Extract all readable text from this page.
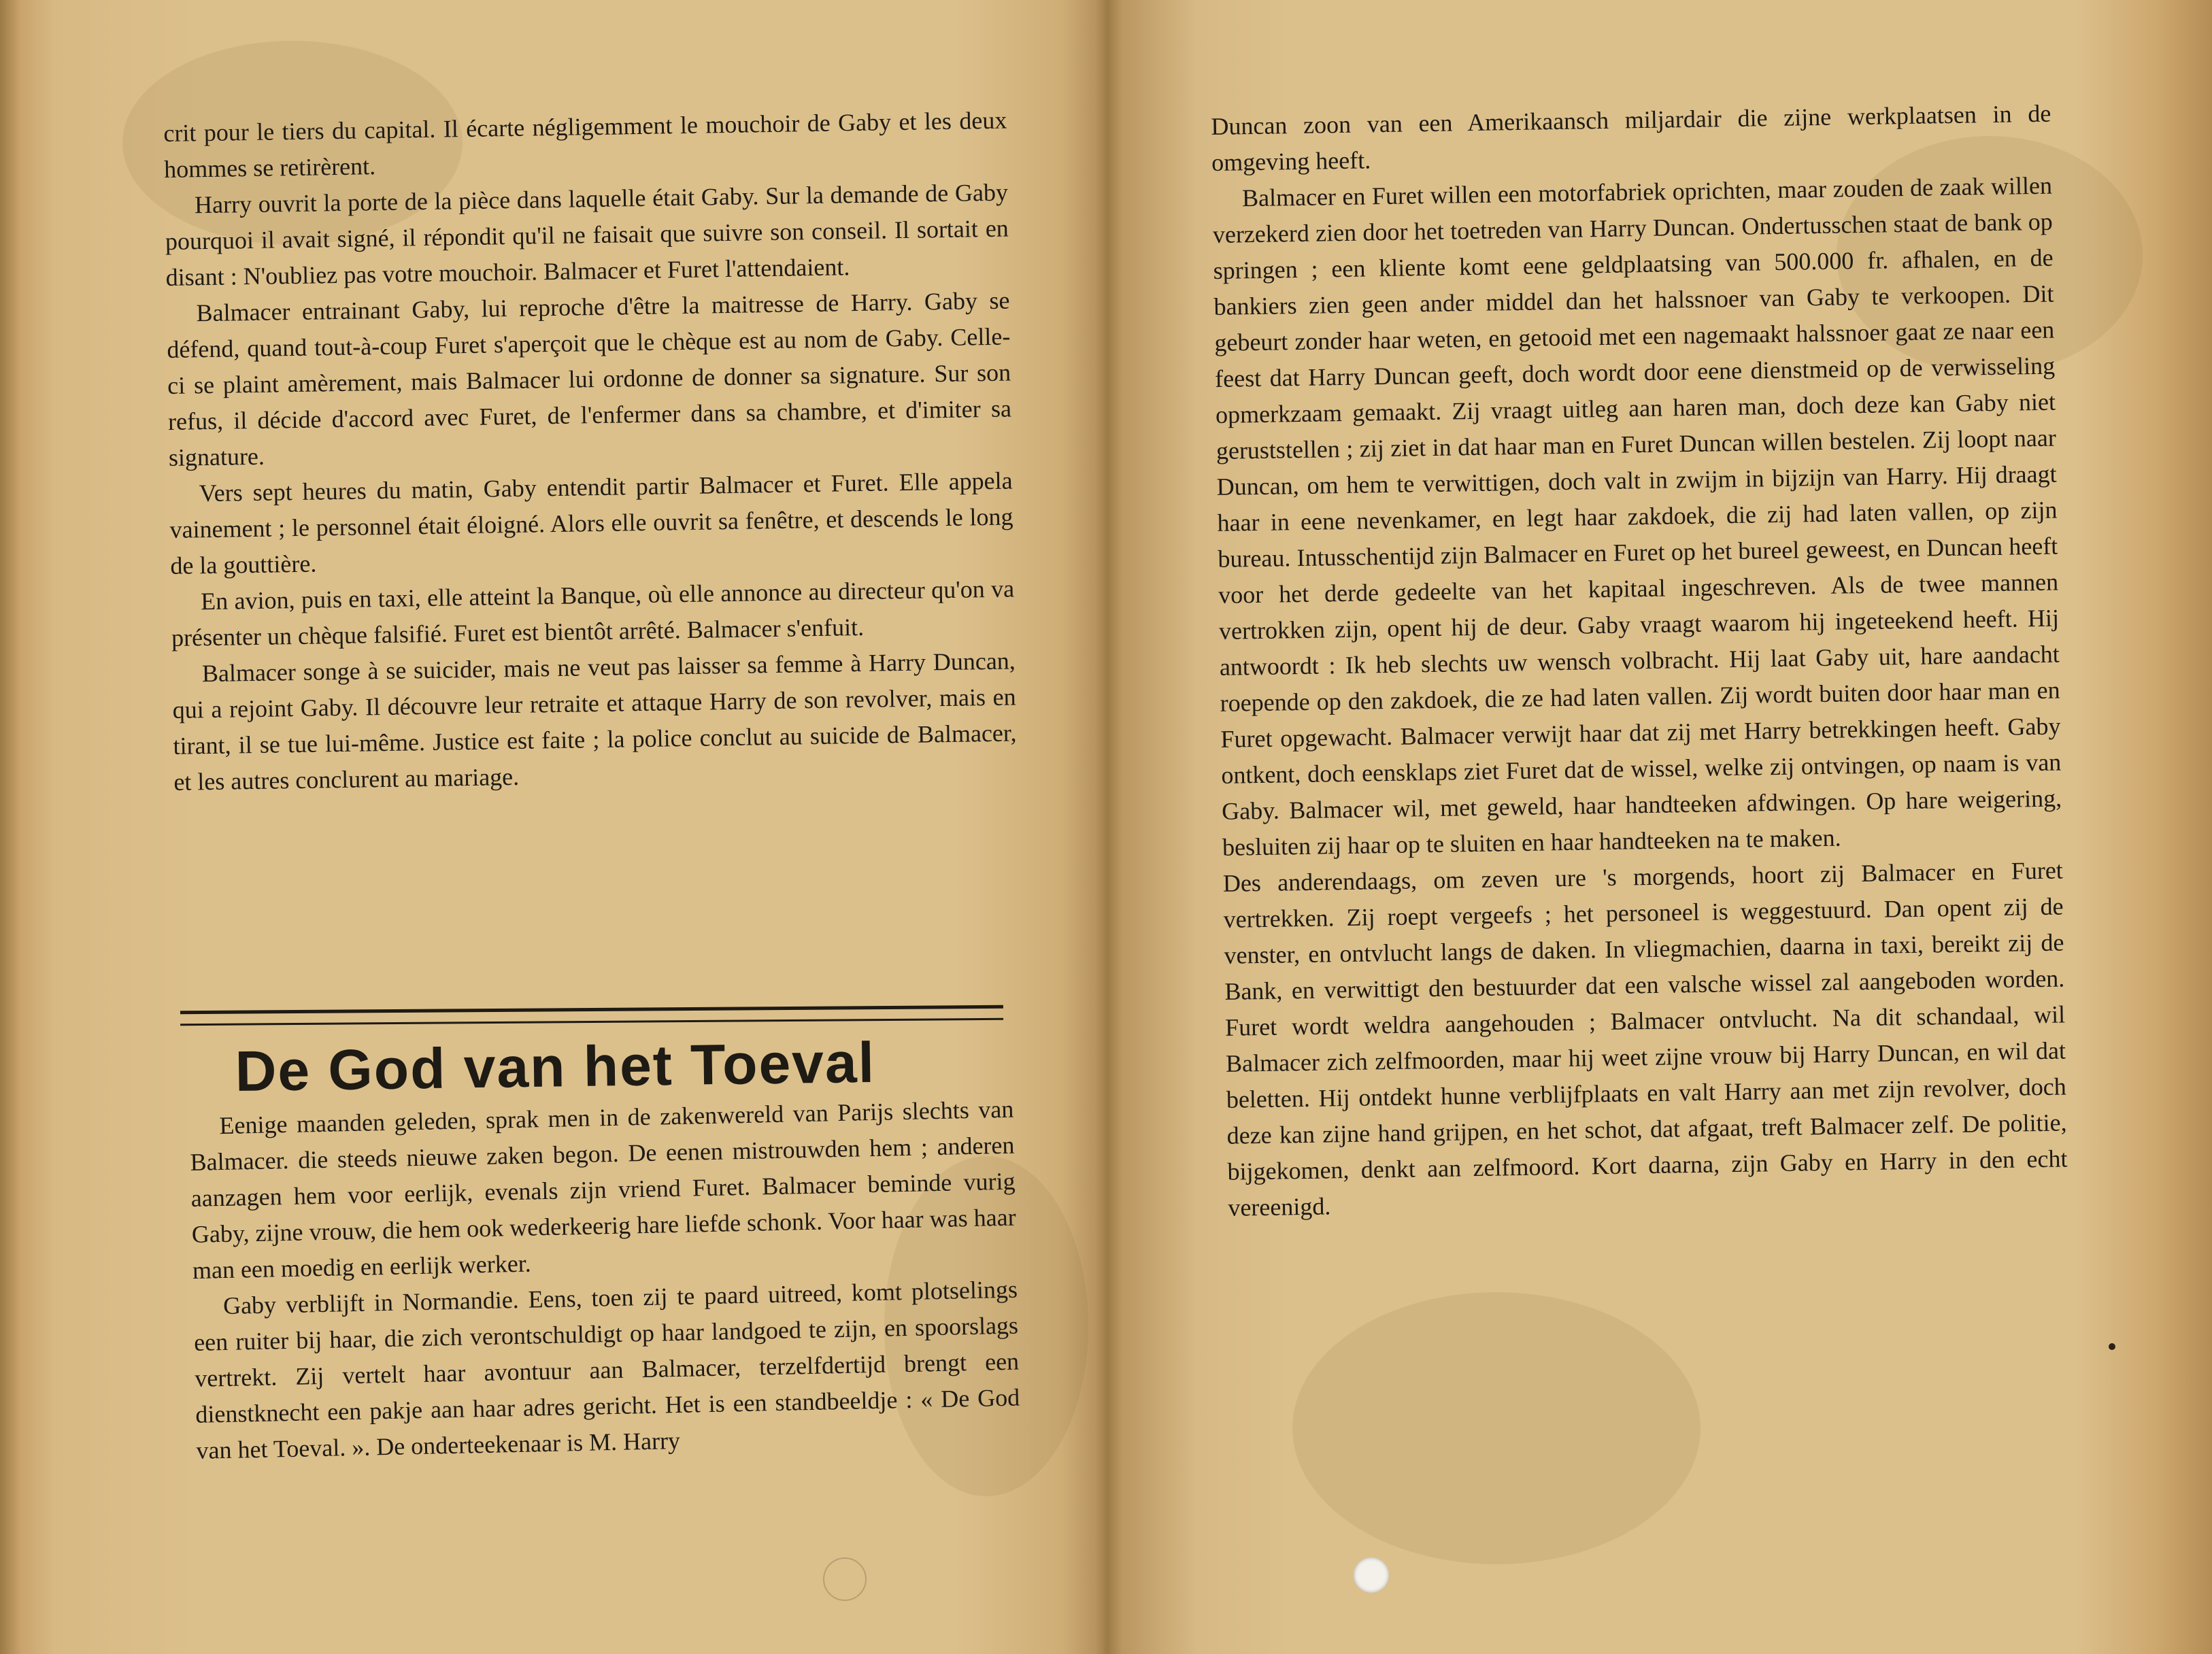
crit pour le tiers du capital. Il écarte négligemment le mouchoir de Gaby et les deux hommes se retirèrent.

Harry ouvrit la porte de la pièce dans laquelle était Gaby. Sur la demande de Gaby pourquoi il avait signé, il répondit qu'il ne faisait que suivre son conseil. Il sortait en disant : N'oubliez pas votre mouchoir. Balmacer et Furet l'attendaient.

Balmacer entrainant Gaby, lui reproche d'être la maitresse de Harry. Gaby se défend, quand tout-à-coup Furet s'aperçoit que le chèque est au nom de Gaby. Celle-ci se plaint amèrement, mais Balmacer lui ordonne de donner sa signature. Sur son refus, il décide d'accord avec Furet, de l'enfermer dans sa chambre, et d'imiter sa signature.

Vers sept heures du matin, Gaby entendit partir Balmacer et Furet. Elle appela vainement ; le personnel était éloigné. Alors elle ouvrit sa fenêtre, et descends le long de la gouttière.

En avion, puis en taxi, elle atteint la Banque, où elle annonce au directeur qu'on va présenter un chèque falsifié. Furet est bientôt arrêté. Balmacer s'enfuit.

Balmacer songe à se suicider, mais ne veut pas laisser sa femme à Harry Duncan, qui a rejoint Gaby. Il découvre leur retraite et attaque Harry de son revolver, mais en tirant, il se tue lui-même. Justice est faite ; la police conclut au suicide de Balmacer, et les autres conclurent au mariage.

De God van het Toeval

Eenige maanden geleden, sprak men in de zakenwereld van Parijs slechts van Balmacer. die steeds nieuwe zaken begon. De eenen mistrouwden hem ; anderen aanzagen hem voor eerlijk, evenals zijn vriend Furet. Balmacer beminde vurig Gaby, zijne vrouw, die hem ook wederkeerig hare liefde schonk. Voor haar was haar man een moedig en eerlijk werker.

Gaby verblijft in Normandie. Eens, toen zij te paard uitreed, komt plotselings een ruiter bij haar, die zich verontschuldigt op haar landgoed te zijn, en spoorslags vertrekt. Zij vertelt haar avontuur aan Balmacer, terzelfdertijd brengt een dienstknecht een pakje aan haar adres gericht. Het is een standbeeldje : « De God van het Toeval. ». De onderteekenaar is M. Harry

Duncan zoon van een Amerikaansch miljardair die zijne werkplaatsen in de omgeving heeft.

Balmacer en Furet willen een motorfabriek oprichten, maar zouden de zaak willen verzekerd zien door het toetreden van Harry Duncan. Ondertusschen staat de bank op springen ; een kliente komt eene geldplaatsing van 500.000 fr. afhalen, en de bankiers zien geen ander middel dan het halssnoer van Gaby te verkoopen. Dit gebeurt zonder haar weten, en getooid met een nagemaakt halssnoer gaat ze naar een feest dat Harry Duncan geeft, doch wordt door eene dienstmeid op de verwisseling opmerkzaam gemaakt. Zij vraagt uitleg aan haren man, doch deze kan Gaby niet geruststellen ; zij ziet in dat haar man en Furet Duncan willen bestelen. Zij loopt naar Duncan, om hem te verwittigen, doch valt in zwijm in bijzijn van Harry. Hij draagt haar in eene nevenkamer, en legt haar zakdoek, die zij had laten vallen, op zijn bureau. Intusschentijd zijn Balmacer en Furet op het bureel geweest, en Duncan heeft voor het derde gedeelte van het kapitaal ingeschreven. Als de twee mannen vertrokken zijn, opent hij de deur. Gaby vraagt waarom hij ingeteekend heeft. Hij antwoordt : Ik heb slechts uw wensch volbracht. Hij laat Gaby uit, hare aandacht roepende op den zakdoek, die ze had laten vallen. Zij wordt buiten door haar man en Furet opgewacht. Balmacer verwijt haar dat zij met Harry betrekkingen heeft. Gaby ontkent, doch eensklaps ziet Furet dat de wissel, welke zij ontvingen, op naam is van Gaby. Balmacer wil, met geweld, haar handteeken afdwingen. Op hare weigering, besluiten zij haar op te sluiten en haar handteeken na te maken.

Des anderendaags, om zeven ure 's morgends, hoort zij Balmacer en Furet vertrekken. Zij roept vergeefs ; het personeel is weggestuurd. Dan opent zij de venster, en ontvlucht langs de daken. In vliegmachien, daarna in taxi, bereikt zij de Bank, en verwittigt den bestuurder dat een valsche wissel zal aangeboden worden. Furet wordt weldra aangehouden ; Balmacer ontvlucht. Na dit schandaal, wil Balmacer zich zelfmoorden, maar hij weet zijne vrouw bij Harry Duncan, en wil dat beletten. Hij ontdekt hunne verblijfplaats en valt Harry aan met zijn revolver, doch deze kan zijne hand grijpen, en het schot, dat afgaat, treft Balmacer zelf. De politie, bijgekomen, denkt aan zelfmoord. Kort daarna, zijn Gaby en Harry in den echt vereenigd.
